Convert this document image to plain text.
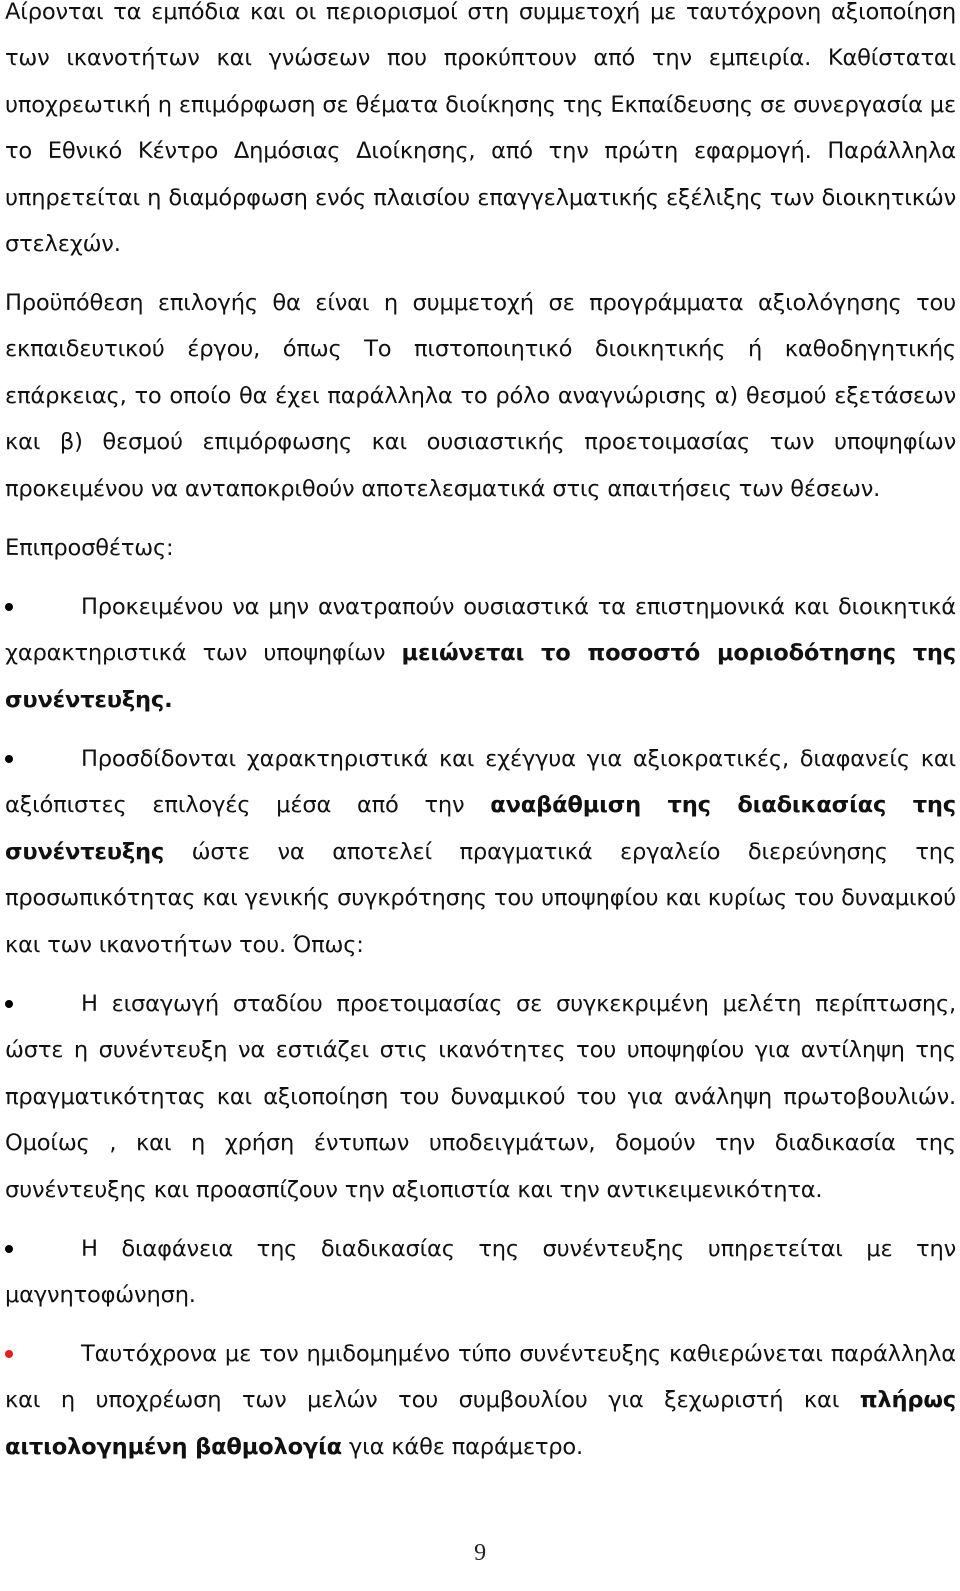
Αίρονται τα εμπόδια και οι περιορισμοί στη συμμετοχή με ταυτόχρονη αξιοποίηση των ικανοτήτων και γνώσεων που προκύπτουν από την εμπειρία. Καθίσταται υποχρεωτική η επιμόρφωση σε θέματα διοίκησης της Εκπαίδευσης σε συνεργασία με το Εθνικό Κέντρο Δημόσιας Διοίκησης, από την πρώτη εφαρμογή. Παράλληλα υπηρετείται η διαμόρφωση ενός πλαισίου επαγγελματικής εξέλιξης των διοικητικών στελεχών.

Προϋπόθεση επιλογής θα είναι η συμμετοχή σε προγράμματα αξιολόγησης του εκπαιδευτικού έργου, όπως Το πιστοποιητικό διοικητικής ή καθοδηγητικής επάρκειας, το οποίο θα έχει παράλληλα το ρόλο αναγνώρισης α) θεσμού εξετάσεων και β) θεσμού επιμόρφωσης και ουσιαστικής προετοιμασίας των υποψηφίων προκειμένου να ανταποκριθούν αποτελεσματικά στις απαιτήσεις των θέσεων.

Επιπροσθέτως:

Προκειμένου να μην ανατραπούν ουσιαστικά τα επιστημονικά και διοικητικά χαρακτηριστικά των υποψηφίων μειώνεται το ποσοστό μοριοδότησης της συνέντευξης.

Προσδίδονται χαρακτηριστικά και εχέγγυα για αξιοκρατικές, διαφανείς και αξιόπιστες επιλογές μέσα από την αναβάθμιση της διαδικασίας της συνέντευξης ώστε να αποτελεί πραγματικά εργαλείο διερεύνησης της προσωπικότητας και γενικής συγκρότησης του υποψηφίου και κυρίως του δυναμικού και των ικανοτήτων του. Όπως:

Η εισαγωγή σταδίου προετοιμασίας σε συγκεκριμένη μελέτη περίπτωσης, ώστε η συνέντευξη να εστιάζει στις ικανότητες του υποψηφίου για αντίληψη της πραγματικότητας και αξιοποίηση του δυναμικού του για ανάληψη πρωτοβουλιών. Ομοίως , και η χρήση έντυπων υποδειγμάτων, δομούν την διαδικασία της συνέντευξης και προασπίζουν την αξιοπιστία και την αντικειμενικότητα.

Η διαφάνεια της διαδικασίας της συνέντευξης υπηρετείται με την μαγνητοφώνηση.

Ταυτόχρονα με τον ημιδομημένο τύπο συνέντευξης καθιερώνεται παράλληλα και η υποχρέωση των μελών του συμβουλίου για ξεχωριστή και πλήρως αιτιολογημένη βαθμολογία για κάθε παράμετρο.

9
